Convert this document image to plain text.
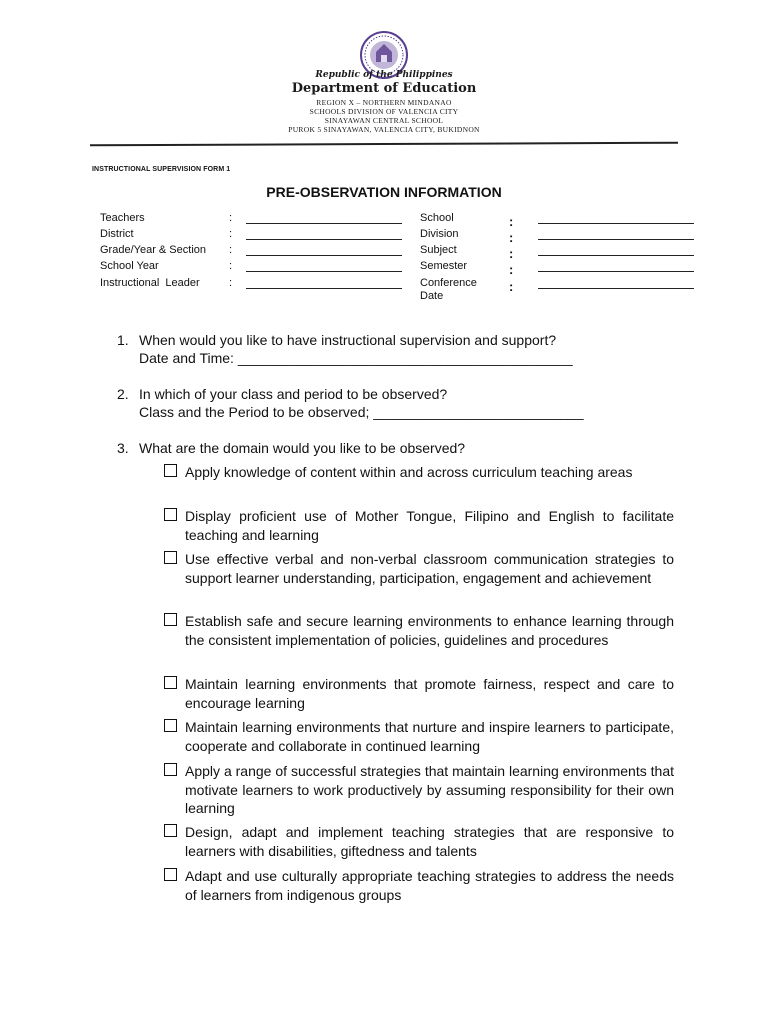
Republic of the Philippines
Department of Education
REGION X – NORTHERN MINDANAO
SCHOOLS DIVISION OF VALENCIA CITY
SINAYAWAN CENTRAL SCHOOL
PUROK 5 SINAYAWAN, VALENCIA CITY, BUKIDNON
INSTRUCTIONAL SUPERVISION FORM 1
PRE-OBSERVATION INFORMATION
Teachers	:
District	:
Grade/Year & Section	:
School Year	:
Instructional  Leader	:
School	:
Division	:
Subject	:
Semester	:
Conference Date
:
1. When would you like to have instructional supervision and support?
Date and Time: ___________________________________________
2. In which of your class and period to be observed?
Class and the Period to be observed; ___________________________
3. What are the domain would you like to be observed?
Apply knowledge of content within and across curriculum teaching areas
Display proficient use of Mother Tongue, Filipino and English to facilitate teaching and learning
Use effective verbal and non-verbal classroom communication strategies to support learner understanding, participation, engagement and achievement
Establish safe and secure learning environments to enhance learning through the consistent implementation of policies, guidelines and procedures
Maintain learning environments that promote fairness, respect and care to encourage learning
Maintain learning environments that nurture and inspire learners to participate, cooperate and collaborate in continued learning
Apply a range of successful strategies that maintain learning environments that motivate learners to work productively by assuming responsibility for their own learning
Design, adapt and implement teaching strategies that are responsive to learners with disabilities, giftedness and talents
Adapt and use culturally appropriate teaching strategies to address the needs of learners from indigenous groups
